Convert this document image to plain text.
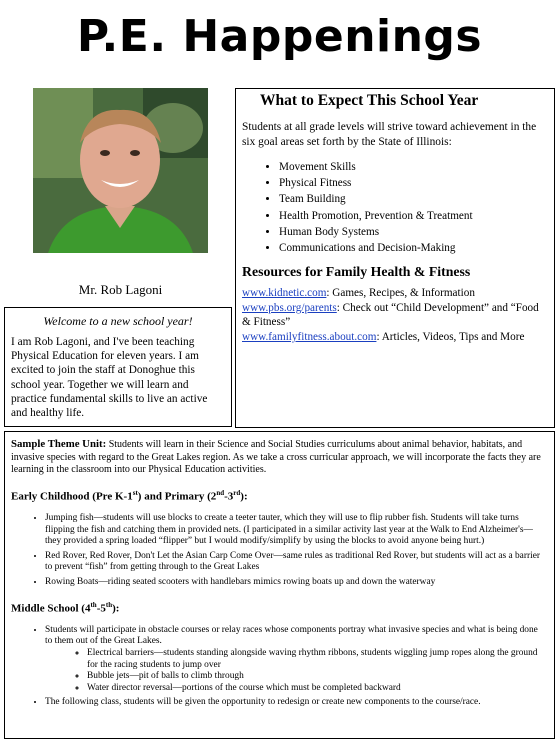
P.E. Happenings
Mr. Rob Lagoni
Welcome to a new school year!
I am Rob Lagoni, and I've been teaching Physical Education for eleven years. I am excited to join the staff at Donoghue this school year. Together we will learn and practice fundamental skills to live an active and healthy life.
What to Expect This School Year
Students at all grade levels will strive toward achievement in the six goal areas set forth by the State of Illinois:
• Movement Skills
• Physical Fitness
• Team Building
• Health Promotion, Prevention & Treatment
• Human Body Systems
• Communications and Decision-Making
Resources for Family Health & Fitness

www.kidnetic.com: Games, Recipes, & Information

www.pbs.org/parents: Check out “Child Development” and “Food & Fitness”

www.familyfitness.about.com: Articles, Videos, Tips and More

Sample Theme Unit: Students will learn in their Science and Social Studies curriculums about animal behavior, habitats, and invasive species with regard to the Great Lakes region. As we take a cross curricular approach, we will incorporate the facts they are learning in the classroom into our Physical Education activities.
Early Childhood (Pre K-1st) and Primary (2nd-3rd):
• Jumping fish—students will use blocks to create a teeter tauter, which they will use to flip rubber fish. Students will take turns flipping the fish and catching them in provided nets. (I participated in a similar activity last year at the Walk to End Alzheimer's—they provided a spring loaded “flipper” but I would modify/simplify by using the blocks to avoid anyone being hurt.)
• Red Rover, Red Rover, Don't Let the Asian Carp Come Over—same rules as traditional Red Rover, but students will act as a barrier to prevent “fish” from getting through to the Great Lakes
• Rowing Boats—riding seated scooters with handlebars mimics rowing boats up and down the waterway
Middle School (4th-5th):
• Students will participate in obstacle courses or relay races whose components portray what invasive species and what is being done to them out of the Great Lakes.
◦ Electrical barriers—students standing alongside waving rhythm ribbons, students wiggling jump ropes along the ground for the racing students to jump over
◦ Bubble jets—pit of balls to climb through
◦ Water director reversal—portions of the course which must be completed backward
• The following class, students will be given the opportunity to redesign or create new components to the course/race.
